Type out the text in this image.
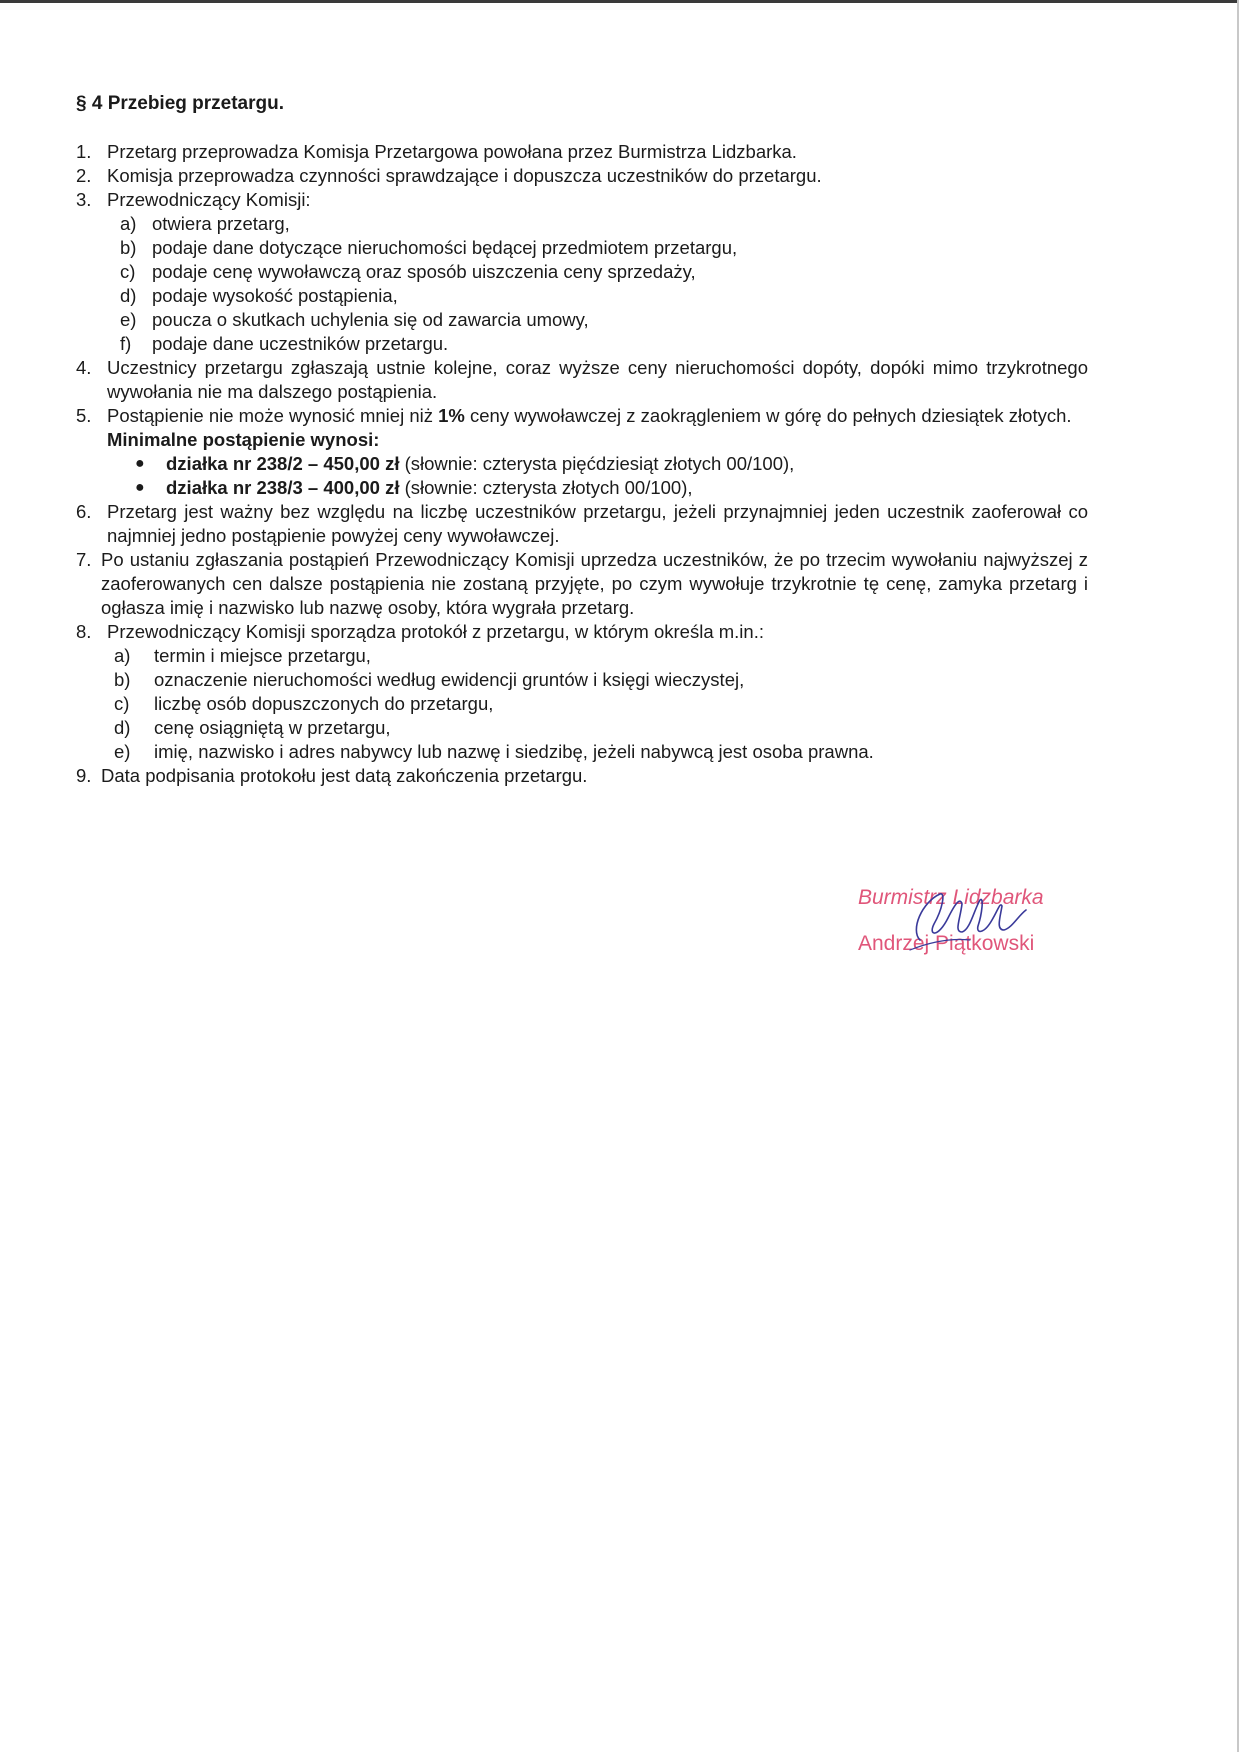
§ 4 Przebieg przetargu.
1. Przetarg przeprowadza Komisja Przetargowa powołana przez Burmistrza Lidzbarka.
2. Komisja przeprowadza czynności sprawdzające i dopuszcza uczestników do przetargu.
3. Przewodniczący Komisji:
a) otwiera przetarg,
b) podaje dane dotyczące nieruchomości będącej przedmiotem przetargu,
c) podaje cenę wywoławczą oraz sposób uiszczenia ceny sprzedaży,
d) podaje wysokość postąpienia,
e) poucza o skutkach uchylenia się od zawarcia umowy,
f) podaje dane uczestników przetargu.
4. Uczestnicy przetargu zgłaszają ustnie kolejne, coraz wyższe ceny nieruchomości dopóty, dopóki mimo trzykrotnego wywołania nie ma dalszego postąpienia.
5. Postąpienie nie może wynosić mniej niż 1% ceny wywoławczej z zaokrągleniem w górę do pełnych dziesiątek złotych.
Minimalne postąpienie wynosi:
● działka nr 238/2 – 450,00 zł (słownie: czterysta pięćdziesiąt złotych 00/100),
● działka nr 238/3 – 400,00 zł (słownie: czterysta złotych 00/100),
6. Przetarg jest ważny bez względu na liczbę uczestników przetargu, jeżeli przynajmniej jeden uczestnik zaoferował co najmniej jedno postąpienie powyżej ceny wywoławczej.
7. Po ustaniu zgłaszania postąpień Przewodniczący Komisji uprzedza uczestników, że po trzecim wywołaniu najwyższej z zaoferowanych cen dalsze postąpienia nie zostaną przyjęte, po czym wywołuje trzykrotnie tę cenę, zamyka przetarg i ogłasza imię i nazwisko lub nazwę osoby, która wygrała przetarg.
8. Przewodniczący Komisji sporządza protokół z przetargu, w którym określa m.in.:
a) termin i miejsce przetargu,
b) oznaczenie nieruchomości według ewidencji gruntów i księgi wieczystej,
c) liczbę osób dopuszczonych do przetargu,
d) cenę osiągniętą w przetargu,
e) imię, nazwisko i adres nabywcy lub nazwę i siedzibę, jeżeli nabywcą jest osoba prawna.
9. Data podpisania protokołu jest datą zakończenia przetargu.
Burmistrz Lidzbarka
Andrzej Piątkowski
